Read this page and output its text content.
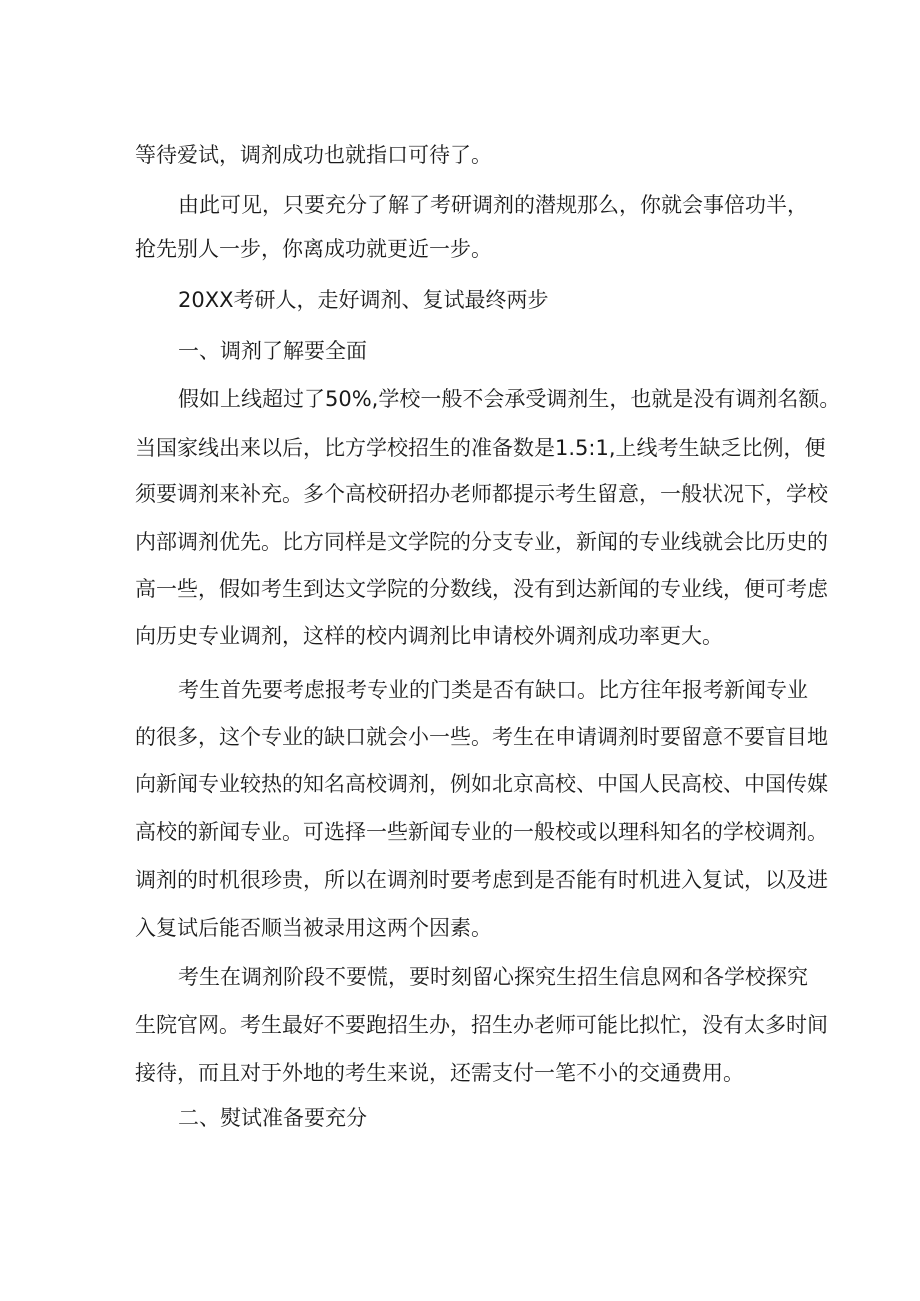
等待爱试，调剂成功也就指口可待了。
由此可见，只要充分了解了考研调剂的潜规那么，你就会事倍功半，
抢先别人一步，你离成功就更近一步。
20XX考研人，走好调剂、复试最终两步
一、调剂了解要全面
假如上线超过了50%,学校一般不会承受调剂生，也就是没有调剂名额。
当国家线出来以后，比方学校招生的准备数是1.5:1,上线考生缺乏比例，便
须要调剂来补充。多个高校研招办老师都提示考生留意，一般状况下，学校
内部调剂优先。比方同样是文学院的分支专业，新闻的专业线就会比历史的
高一些，假如考生到达文学院的分数线，没有到达新闻的专业线，便可考虑
向历史专业调剂，这样的校内调剂比申请校外调剂成功率更大。
考生首先要考虑报考专业的门类是否有缺口。比方往年报考新闻专业
的很多，这个专业的缺口就会小一些。考生在申请调剂时要留意不要盲目地
向新闻专业较热的知名高校调剂，例如北京高校、中国人民高校、中国传媒
高校的新闻专业。可选择一些新闻专业的一般校或以理科知名的学校调剂。
调剂的时机很珍贵，所以在调剂时要考虑到是否能有时机进入复试，以及进
入复试后能否顺当被录用这两个因素。
考生在调剂阶段不要慌，要时刻留心探究生招生信息网和各学校探究
生院官网。考生最好不要跑招生办，招生办老师可能比拟忙，没有太多时间
接待，而且对于外地的考生来说，还需支付一笔不小的交通费用。
二、熨试准备要充分
